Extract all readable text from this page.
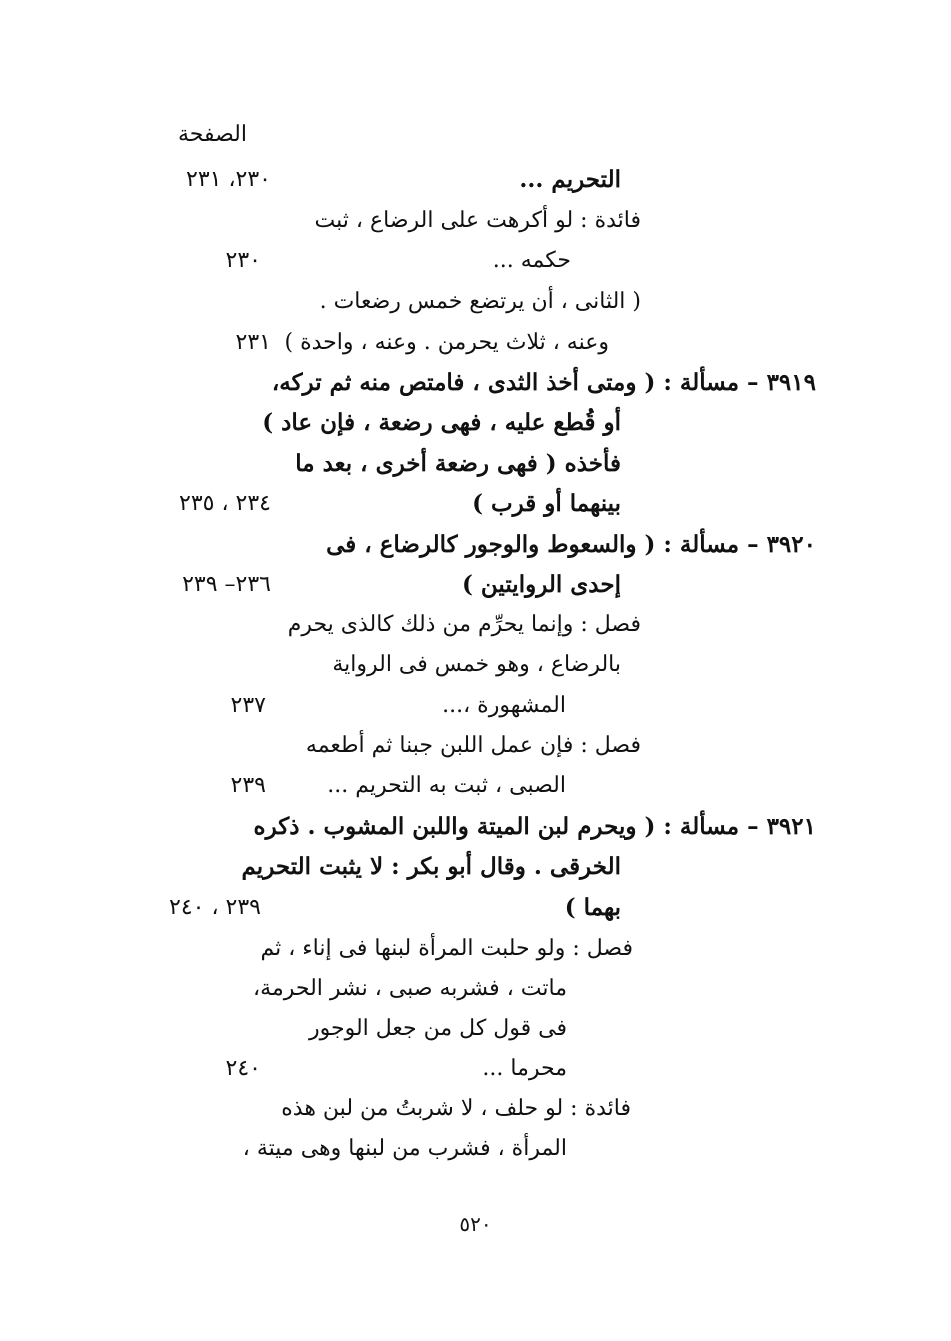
الصفحة
التحريم ...
٢٣٠، ٢٣١
فائدة : لو أكرهت على الرضاع ، ثبت
حكمه ...
٢٣٠
( الثانى ، أن يرتضع خمس رضعات .
وعنه ، ثلاث يحرمن . وعنه ، واحدة )
٢٣١
٣٩١٩ – مسألة : ( ومتى أخذ الثدى ، فامتص منه ثم تركه،
أو قُطع عليه ، فهى رضعة ، فإن عاد )
فأخذه ( فهى رضعة أخرى ، بعد ما
بينهما أو قرب )
٢٣٤ ، ٢٣٥
٣٩٢٠ – مسألة : ( والسعوط والوجور كالرضاع ، فى
إحدى الروايتين )
٢٣٦– ٢٣٩
فصل : وإنما يحرِّم من ذلك كالذى يحرم
بالرضاع ، وهو خمس فى الرواية
المشهورة ،...
٢٣٧
فصل : فإن عمل اللبن جبنا ثم أطعمه
الصبى ، ثبت به التحريم ...
٢٣٩
٣٩٢١ – مسألة : ( ويحرم لبن الميتة واللبن المشوب . ذكره
الخرقى . وقال أبو بكر : لا يثبت التحريم
بهما )
٢٣٩ ، ٢٤٠
فصل : ولو حلبت المرأة لبنها فى إناء ، ثم
ماتت ، فشربه صبى ، نشر الحرمة،
فى قول كل من جعل الوجور
محرما ...
٢٤٠
فائدة : لو حلف ، لا شربتُ من لبن هذه
المرأة ، فشرب من لبنها وهى ميتة ،
٥٢٠
